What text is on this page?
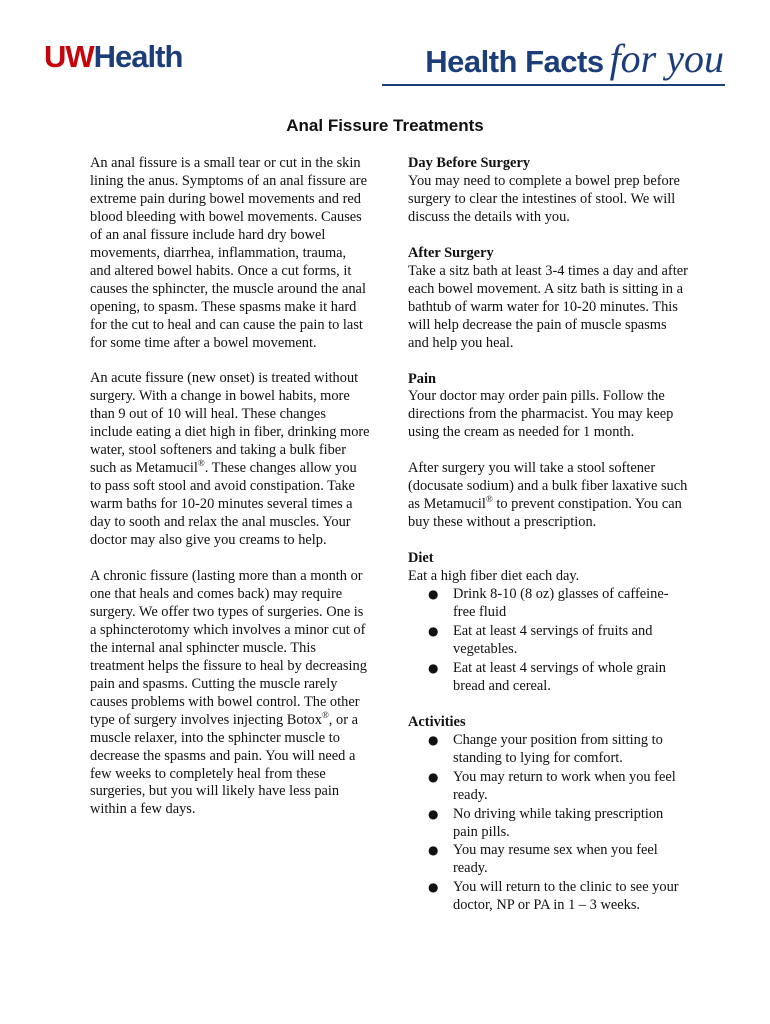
UWHealth	Health Facts for you
Anal Fissure Treatments

An anal fissure is a small tear or cut in the skin lining the anus. Symptoms of an anal fissure are extreme pain during bowel movements and red blood bleeding with bowel movements. Causes of an anal fissure include hard dry bowel movements, diarrhea, inflammation, trauma, and altered bowel habits. Once a cut forms, it causes the sphincter, the muscle around the anal opening, to spasm. These spasms make it hard for the cut to heal and can cause the pain to last for some time after a bowel movement.

An acute fissure (new onset) is treated without surgery. With a change in bowel habits, more than 9 out of 10 will heal. These changes include eating a diet high in fiber, drinking more water, stool softeners and taking a bulk fiber such as Metamucil®. These changes allow you to pass soft stool and avoid constipation. Take warm baths for 10-20 minutes several times a day to sooth and relax the anal muscles. Your doctor may also give you creams to help.

A chronic fissure (lasting more than a month or one that heals and comes back) may require surgery. We offer two types of surgeries. One is a sphincterotomy which involves a minor cut of the internal anal sphincter muscle. This treatment helps the fissure to heal by decreasing pain and spasms. Cutting the muscle rarely causes problems with bowel control. The other type of surgery involves injecting Botox®, or a muscle relaxer, into the sphincter muscle to decrease the spasms and pain. You will need a few weeks to completely heal from these surgeries, but you will likely have less pain within a few days.

Day Before Surgery
You may need to complete a bowel prep before surgery to clear the intestines of stool. We will discuss the details with you.
After Surgery
Take a sitz bath at least 3-4 times a day and after each bowel movement. A sitz bath is sitting in a bathtub of warm water for 10-20 minutes. This will help decrease the pain of muscle spasms and help you heal.
Pain
Your doctor may order pain pills. Follow the directions from the pharmacist. You may keep using the cream as needed for 1 month.
After surgery you will take a stool softener (docusate sodium) and a bulk fiber laxative such as Metamucil® to prevent constipation. You can buy these without a prescription.
Diet
Eat a high fiber diet each day.
● Drink 8-10 (8 oz) glasses of caffeine-free fluid
● Eat at least 4 servings of fruits and vegetables.
● Eat at least 4 servings of whole grain bread and cereal.
Activities
● Change your position from sitting to standing to lying for comfort.
● You may return to work when you feel ready.
● No driving while taking prescription pain pills.
● You may resume sex when you feel ready.
● You will return to the clinic to see your doctor, NP or PA in 1 – 3 weeks.
